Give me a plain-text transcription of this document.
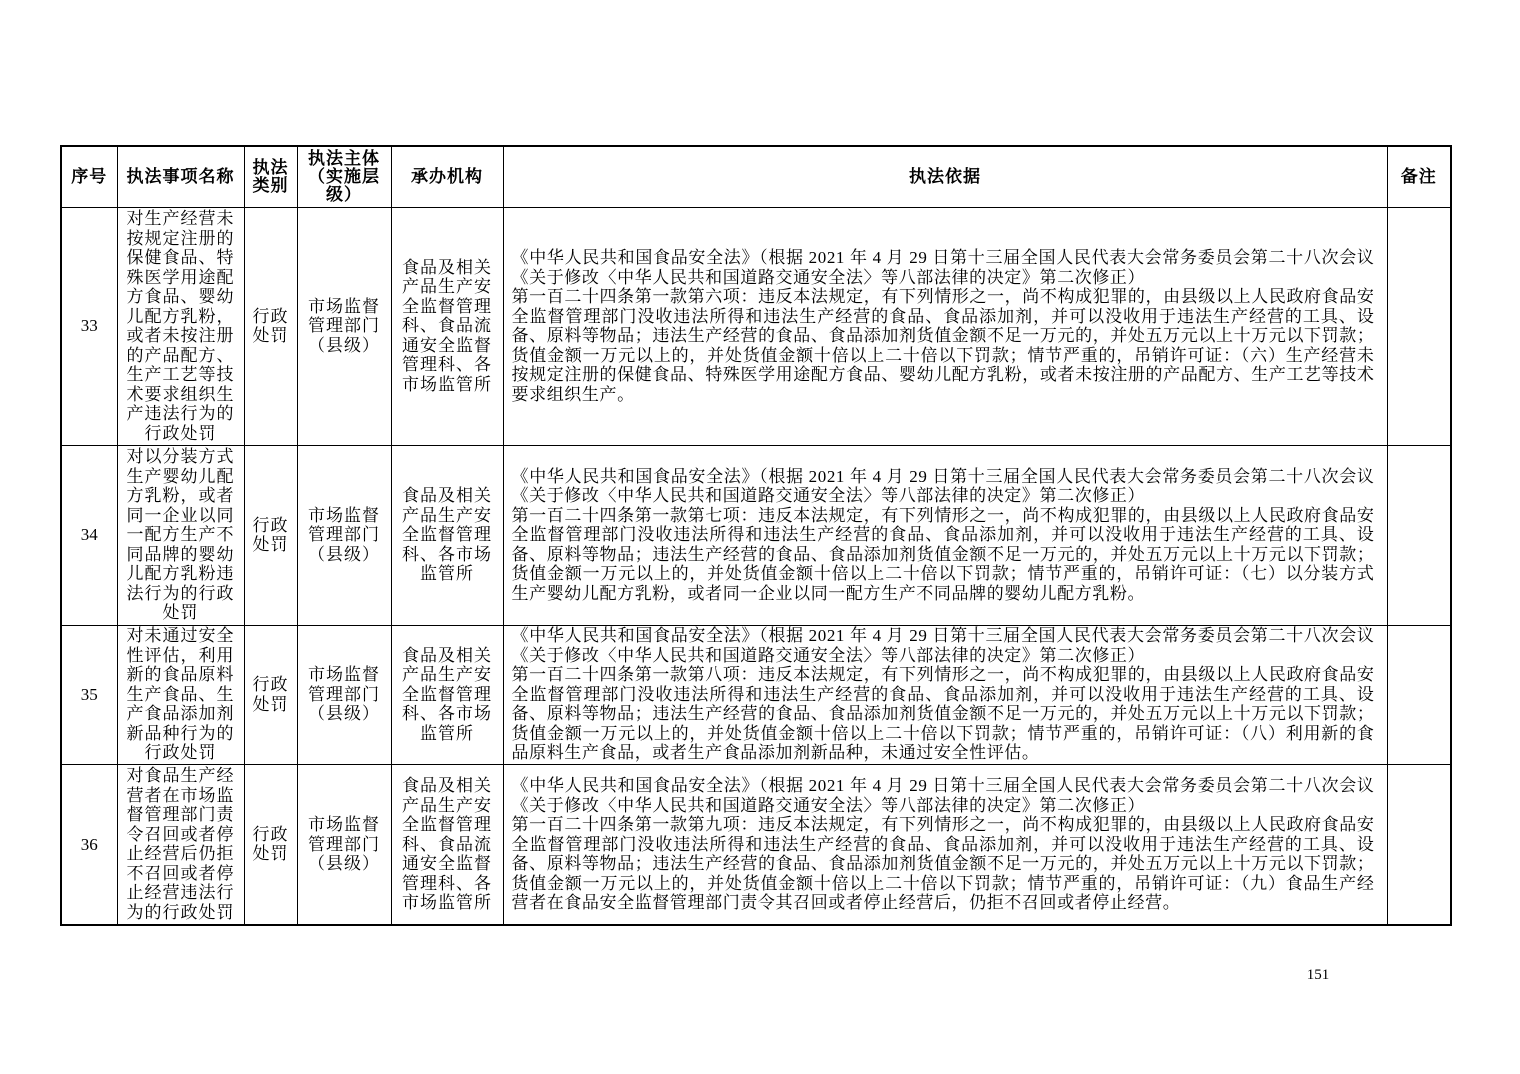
序号	执法事项名称	执法类别	执法主体（实施层级）	承办机构	执法依据	备注
33	对生产经营未按规定注册的保健食品、特殊医学用途配方食品、婴幼儿配方乳粉，或者未按注册的产品配方、生产工艺等技术要求组织生产违法行为的行政处罚	行政处罚	市场监督管理部门（县级）	食品及相关产品生产安全监督管理科、食品流通安全监督管理科、各市场监管所	《中华人民共和国食品安全法》（根据 2021 年 4 月 29 日第十三届全国人民代表大会常务委员会第二十八次会议《关于修改〈中华人民共和国道路交通安全法〉等八部法律的决定》第二次修正）
第一百二十四条第一款第六项：违反本法规定，有下列情形之一，尚不构成犯罪的，由县级以上人民政府食品安全监督管理部门没收违法所得和违法生产经营的食品、食品添加剂，并可以没收用于违法生产经营的工具、设备、原料等物品；违法生产经营的食品、食品添加剂货值金额不足一万元的，并处五万元以上十万元以下罚款；货值金额一万元以上的，并处货值金额十倍以上二十倍以下罚款；情节严重的，吊销许可证：（六）生产经营未按规定注册的保健食品、特殊医学用途配方食品、婴幼儿配方乳粉，或者未按注册的产品配方、生产工艺等技术要求组织生产。	

34	对以分装方式生产婴幼儿配方乳粉，或者同一企业以同一配方生产不同品牌的婴幼儿配方乳粉违法行为的行政处罚	行政处罚	市场监督管理部门（县级）	食品及相关产品生产安全监督管理科、各市场监管所	《中华人民共和国食品安全法》（根据 2021 年 4 月 29 日第十三届全国人民代表大会常务委员会第二十八次会议《关于修改〈中华人民共和国道路交通安全法〉等八部法律的决定》第二次修正）
第一百二十四条第一款第七项：违反本法规定，有下列情形之一，尚不构成犯罪的，由县级以上人民政府食品安全监督管理部门没收违法所得和违法生产经营的食品、食品添加剂，并可以没收用于违法生产经营的工具、设备、原料等物品；违法生产经营的食品、食品添加剂货值金额不足一万元的，并处五万元以上十万元以下罚款；货值金额一万元以上的，并处货值金额十倍以上二十倍以下罚款；情节严重的，吊销许可证：（七）以分装方式生产婴幼儿配方乳粉，或者同一企业以同一配方生产不同品牌的婴幼儿配方乳粉。	

35	对未通过安全性评估，利用新的食品原料生产食品、生产食品添加剂新品种行为的行政处罚	行政处罚	市场监督管理部门（县级）	食品及相关产品生产安全监督管理科、各市场监管所	《中华人民共和国食品安全法》（根据 2021 年 4 月 29 日第十三届全国人民代表大会常务委员会第二十八次会议《关于修改〈中华人民共和国道路交通安全法〉等八部法律的决定》第二次修正）
第一百二十四条第一款第八项：违反本法规定，有下列情形之一，尚不构成犯罪的，由县级以上人民政府食品安全监督管理部门没收违法所得和违法生产经营的食品、食品添加剂，并可以没收用于违法生产经营的工具、设备、原料等物品；违法生产经营的食品、食品添加剂货值金额不足一万元的，并处五万元以上十万元以下罚款；货值金额一万元以上的，并处货值金额十倍以上二十倍以下罚款；情节严重的，吊销许可证：（八）利用新的食品原料生产食品，或者生产食品添加剂新品种，未通过安全性评估。	

36	对食品生产经营者在市场监督管理部门责令召回或者停止经营后仍拒不召回或者停止经营违法行为的行政处罚	行政处罚	市场监督管理部门（县级）	食品及相关产品生产安全监督管理科、食品流通安全监督管理科、各市场监管所	《中华人民共和国食品安全法》（根据 2021 年 4 月 29 日第十三届全国人民代表大会常务委员会第二十八次会议《关于修改〈中华人民共和国道路交通安全法〉等八部法律的决定》第二次修正）
第一百二十四条第一款第九项：违反本法规定，有下列情形之一，尚不构成犯罪的，由县级以上人民政府食品安全监督管理部门没收违法所得和违法生产经营的食品、食品添加剂，并可以没收用于违法生产经营的工具、设备、原料等物品；违法生产经营的食品、食品添加剂货值金额不足一万元的，并处五万元以上十万元以下罚款；货值金额一万元以上的，并处货值金额十倍以上二十倍以下罚款；情节严重的，吊销许可证：（九）食品生产经营者在食品安全监督管理部门责令其召回或者停止经营后，仍拒不召回或者停止经营。	

151
